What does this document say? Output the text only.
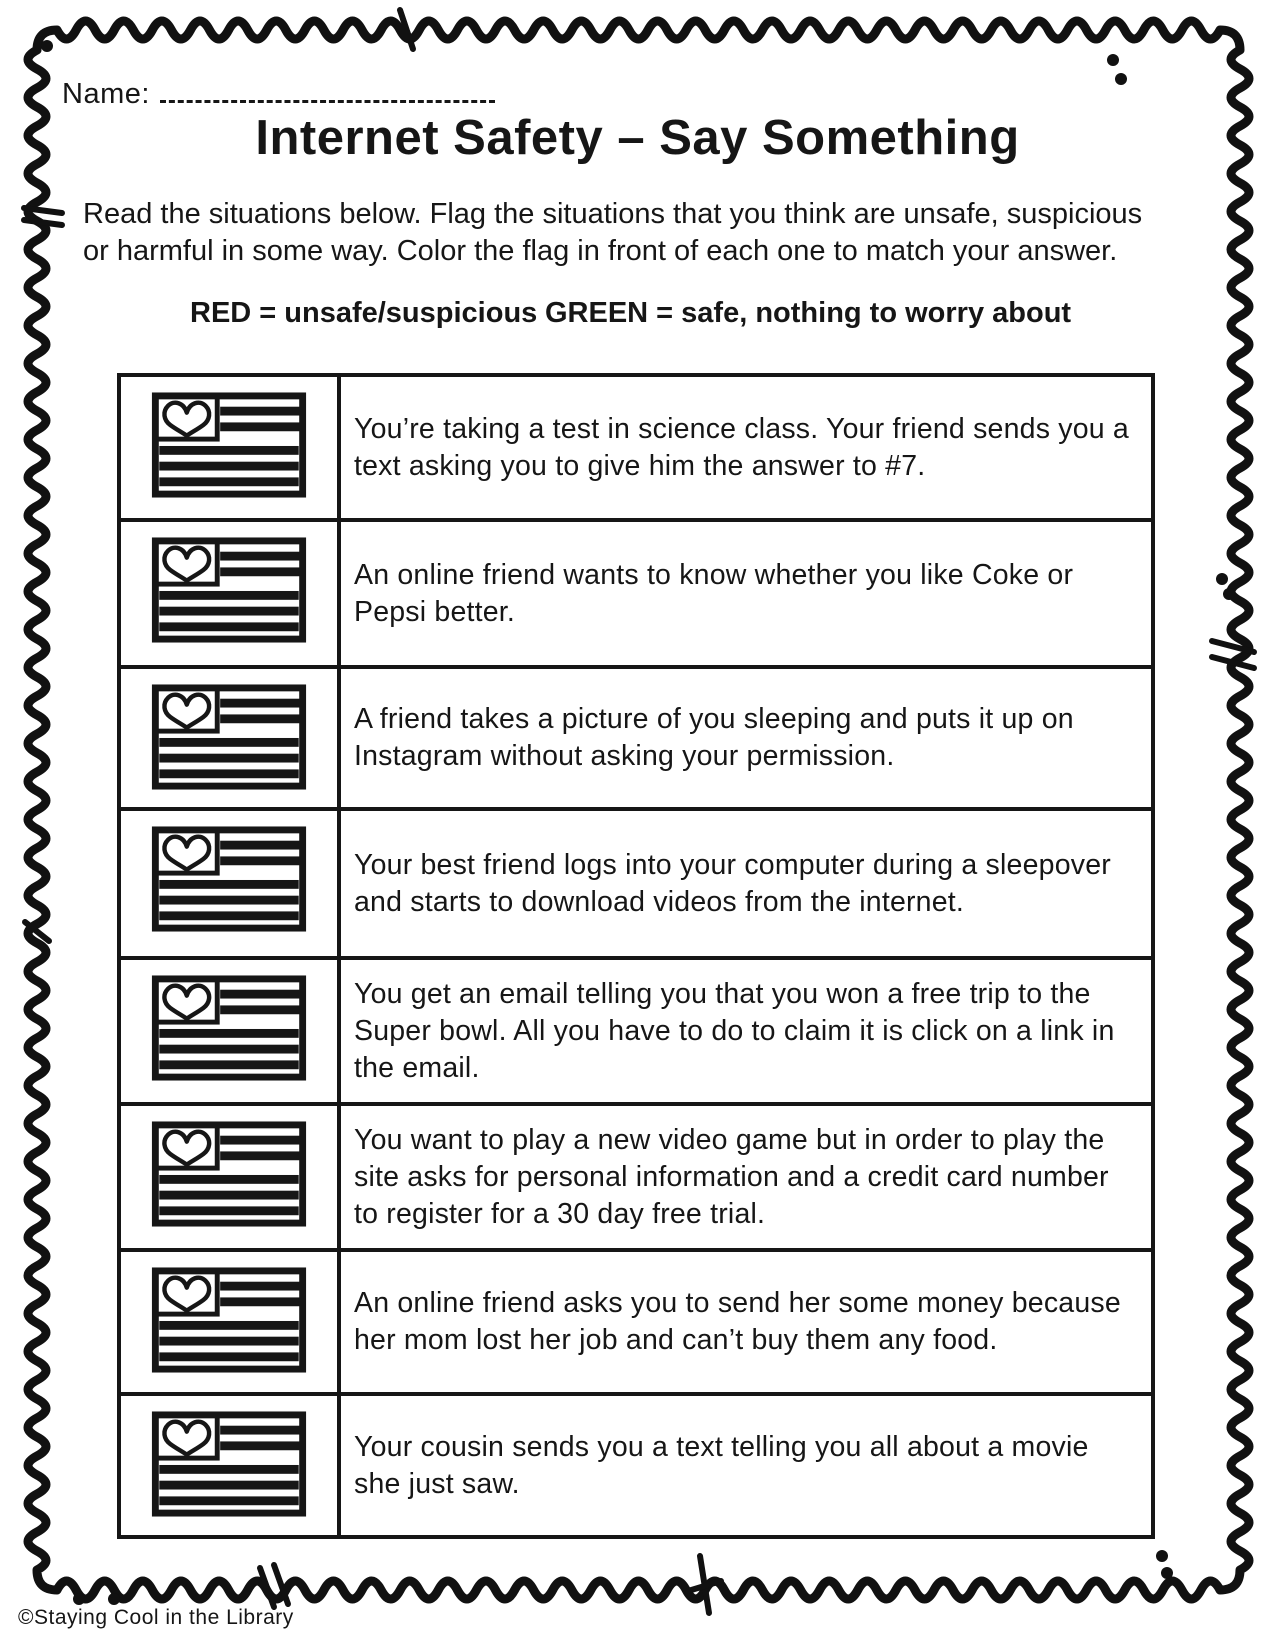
Name:
Internet Safety – Say Something
Read the situations below. Flag the situations that you think are unsafe, suspicious or harmful in some way. Color the flag in front of each one to match your answer.
RED = unsafe/suspicious GREEN = safe, nothing to worry about
	You’re taking a test in science class. Your friend sends you a text asking you to give him the answer to #7.
	An online friend wants to know whether you like Coke or Pepsi better.
	A friend takes a picture of you sleeping and puts it up on Instagram without asking your permission.
	Your best friend logs into your computer during a sleepover and starts to download videos from the internet.
	You get an email telling you that you won a free trip to the Super bowl. All you have to do to claim it is click on a link in the email.
	You want to play a new video game but in order to play the site asks for personal information and a credit card number to register for a 30 day free trial.
	An online friend asks you to send her some money because her mom lost her job and can’t buy them any food.
	Your cousin sends you a text telling you all about a movie she just saw.
©Staying Cool in the Library
